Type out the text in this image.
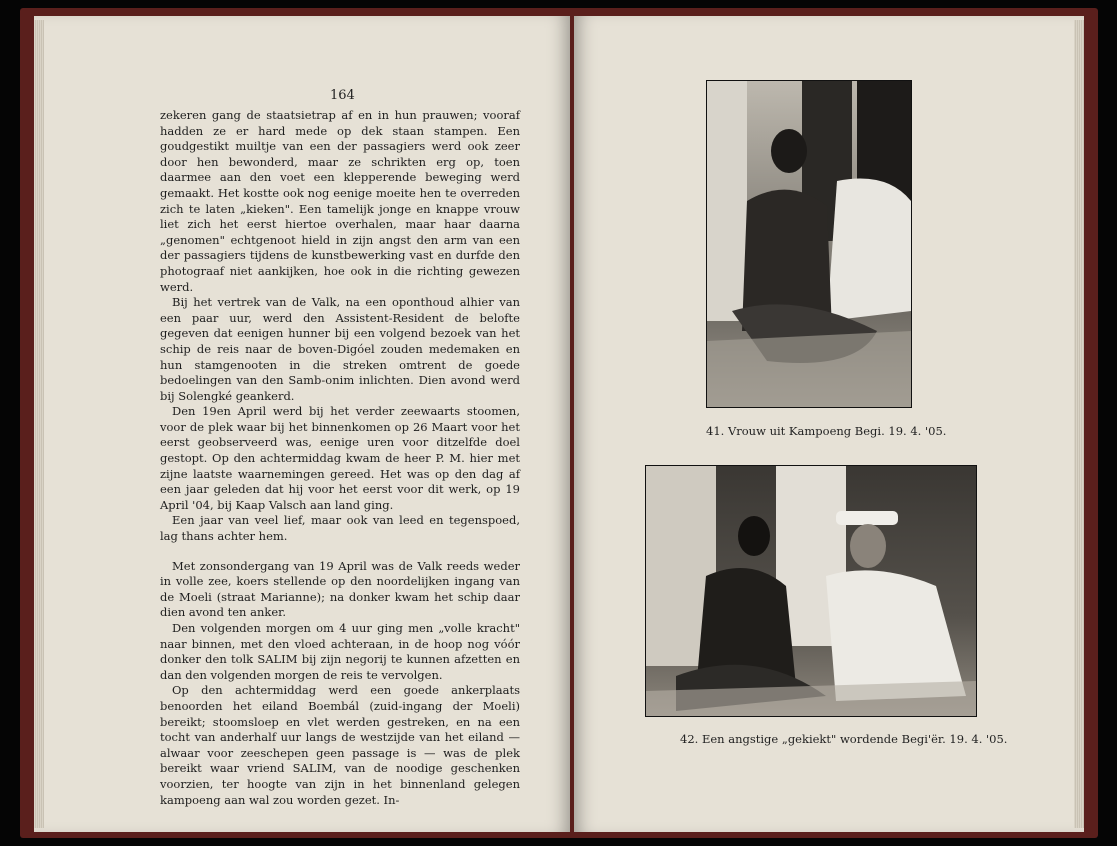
164

zekeren gang de staatsietrap af en in hun prauwen; vooraf hadden ze er hard mede op dek staan stampen. Een goudgestikt muiltje van een der passagiers werd ook zeer door hen bewonderd, maar ze schrikten erg op, toen daarmee aan den voet een klepperende beweging werd gemaakt. Het kostte ook nog eenige moeite hen te overreden zich te laten „kieken". Een tamelijk jonge en knappe vrouw liet zich het eerst hiertoe overhalen, maar haar daarna „genomen" echtgenoot hield in zijn angst den arm van een der passagiers tijdens de kunstbewerking vast en durfde den photograaf niet aankijken, hoe ook in die richting gewezen werd.

Bij het vertrek van de Valk, na een oponthoud alhier van een paar uur, werd den Assistent-Resident de belofte gegeven dat eenigen hunner bij een volgend bezoek van het schip de reis naar de boven-Digóel zouden medemaken en hun stamgenooten in die streken omtrent de goede bedoelingen van den Samb-onim inlichten. Dien avond werd bij Solengké geankerd.

Den 19en April werd bij het verder zeewaarts stoomen, voor de plek waar bij het binnenkomen op 26 Maart voor het eerst geobserveerd was, eenige uren voor ditzelfde doel gestopt. Op den achtermiddag kwam de heer P. M. hier met zijne laatste waarnemingen gereed. Het was op den dag af een jaar geleden dat hij voor het eerst voor dit werk, op 19 April '04, bij Kaap Valsch aan land ging.

Een jaar van veel lief, maar ook van leed en tegenspoed, lag thans achter hem.

Met zonsondergang van 19 April was de Valk reeds weder in volle zee, koers stellende op den noordelijken ingang van de Moeli (straat Marianne); na donker kwam het schip daar dien avond ten anker.

Den volgenden morgen om 4 uur ging men „volle kracht" naar binnen, met den vloed achteraan, in de hoop nog vóór donker den tolk SALIM bij zijn negorij te kunnen afzetten en dan den volgenden morgen de reis te vervolgen.

Op den achtermiddag werd een goede ankerplaats benoorden het eiland Boembál (zuid-ingang der Moeli) bereikt; stoomsloep en vlet werden gestreken, en na een tocht van anderhalf uur langs de westzijde van het eiland — alwaar voor zeeschepen geen passage is — was de plek bereikt waar vriend SALIM, van de noodige geschenken voorzien, ter hoogte van zijn in het binnenland gelegen kampoeng aan wal zou worden gezet. In-

41. Vrouw uit Kampoeng Begi. 19. 4. '05.
42. Een angstige „gekiekt" wordende Begi'ër. 19. 4. '05.
